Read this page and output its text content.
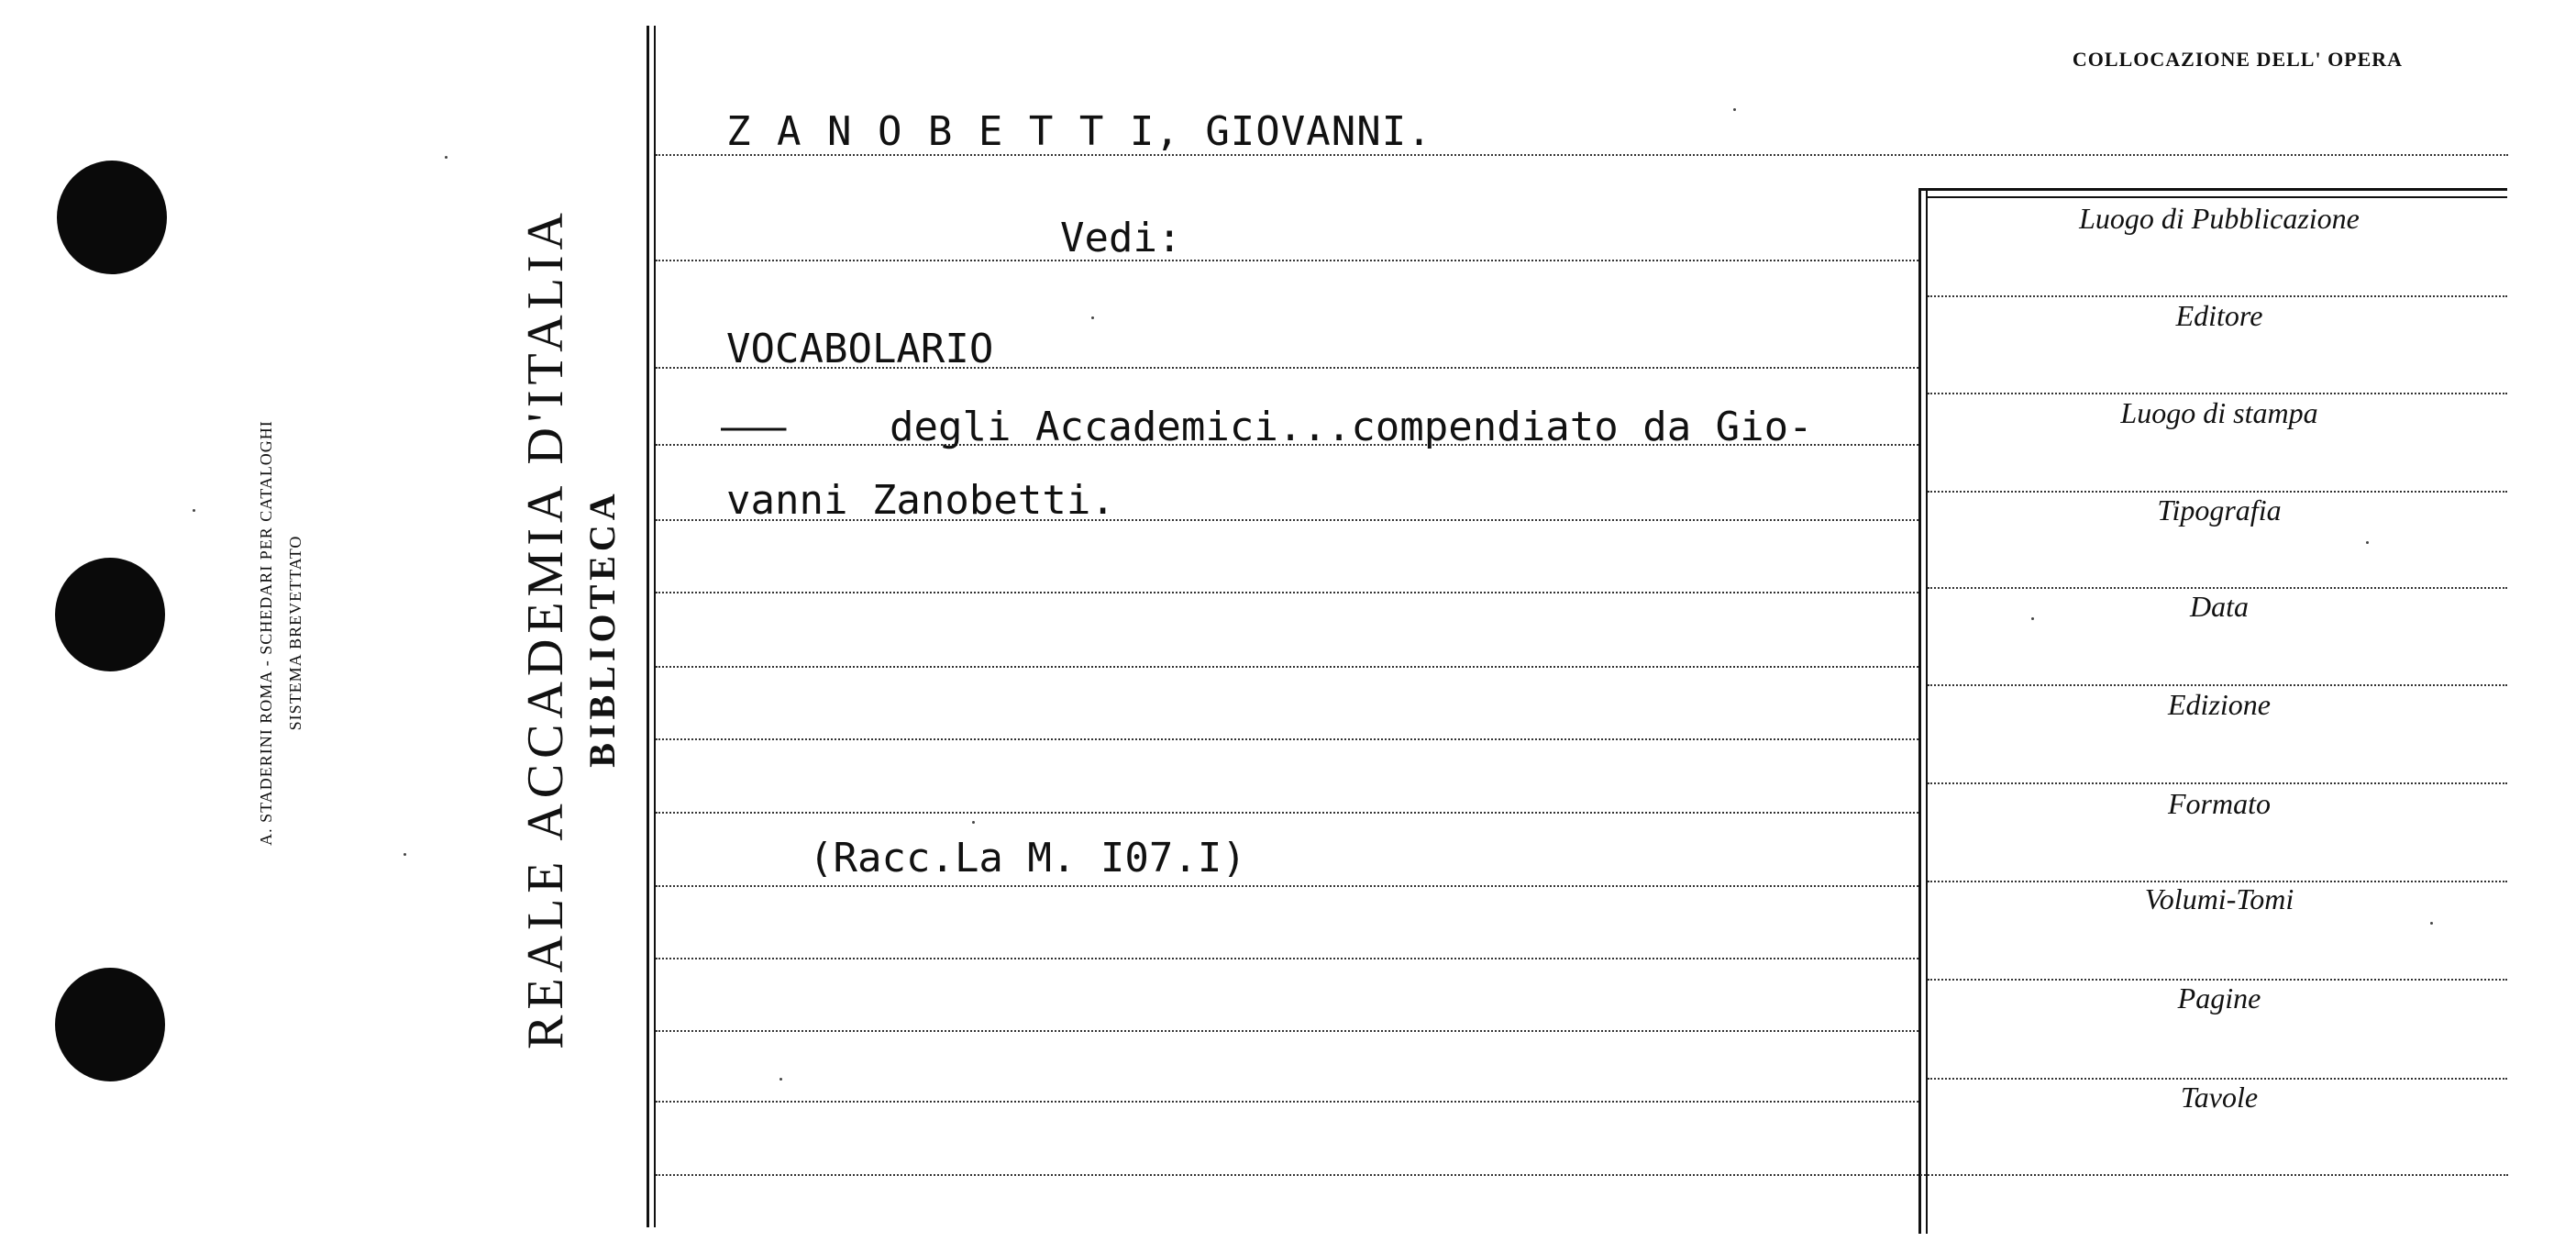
A. STADERINI ROMA - SCHEDARI PER CATALOGHI SISTEMA BREVETTATO	REALE ACCADEMIA D'ITALIA BIBLIOTECA
COLLOCAZIONE DELL' OPERA
Z A N O B E T T I, GIOVANNI.
Vedi:
VOCABOLARIO
———	degli Accademici...compendiato da Gio-
vanni Zanobetti.
(Racc.La M. I07.I)
Luogo di Pubblicazione
Editore
Luogo di stampa
Tipografia
Data
Edizione
Formato
Volumi-Tomi
Pagine
Tavole
